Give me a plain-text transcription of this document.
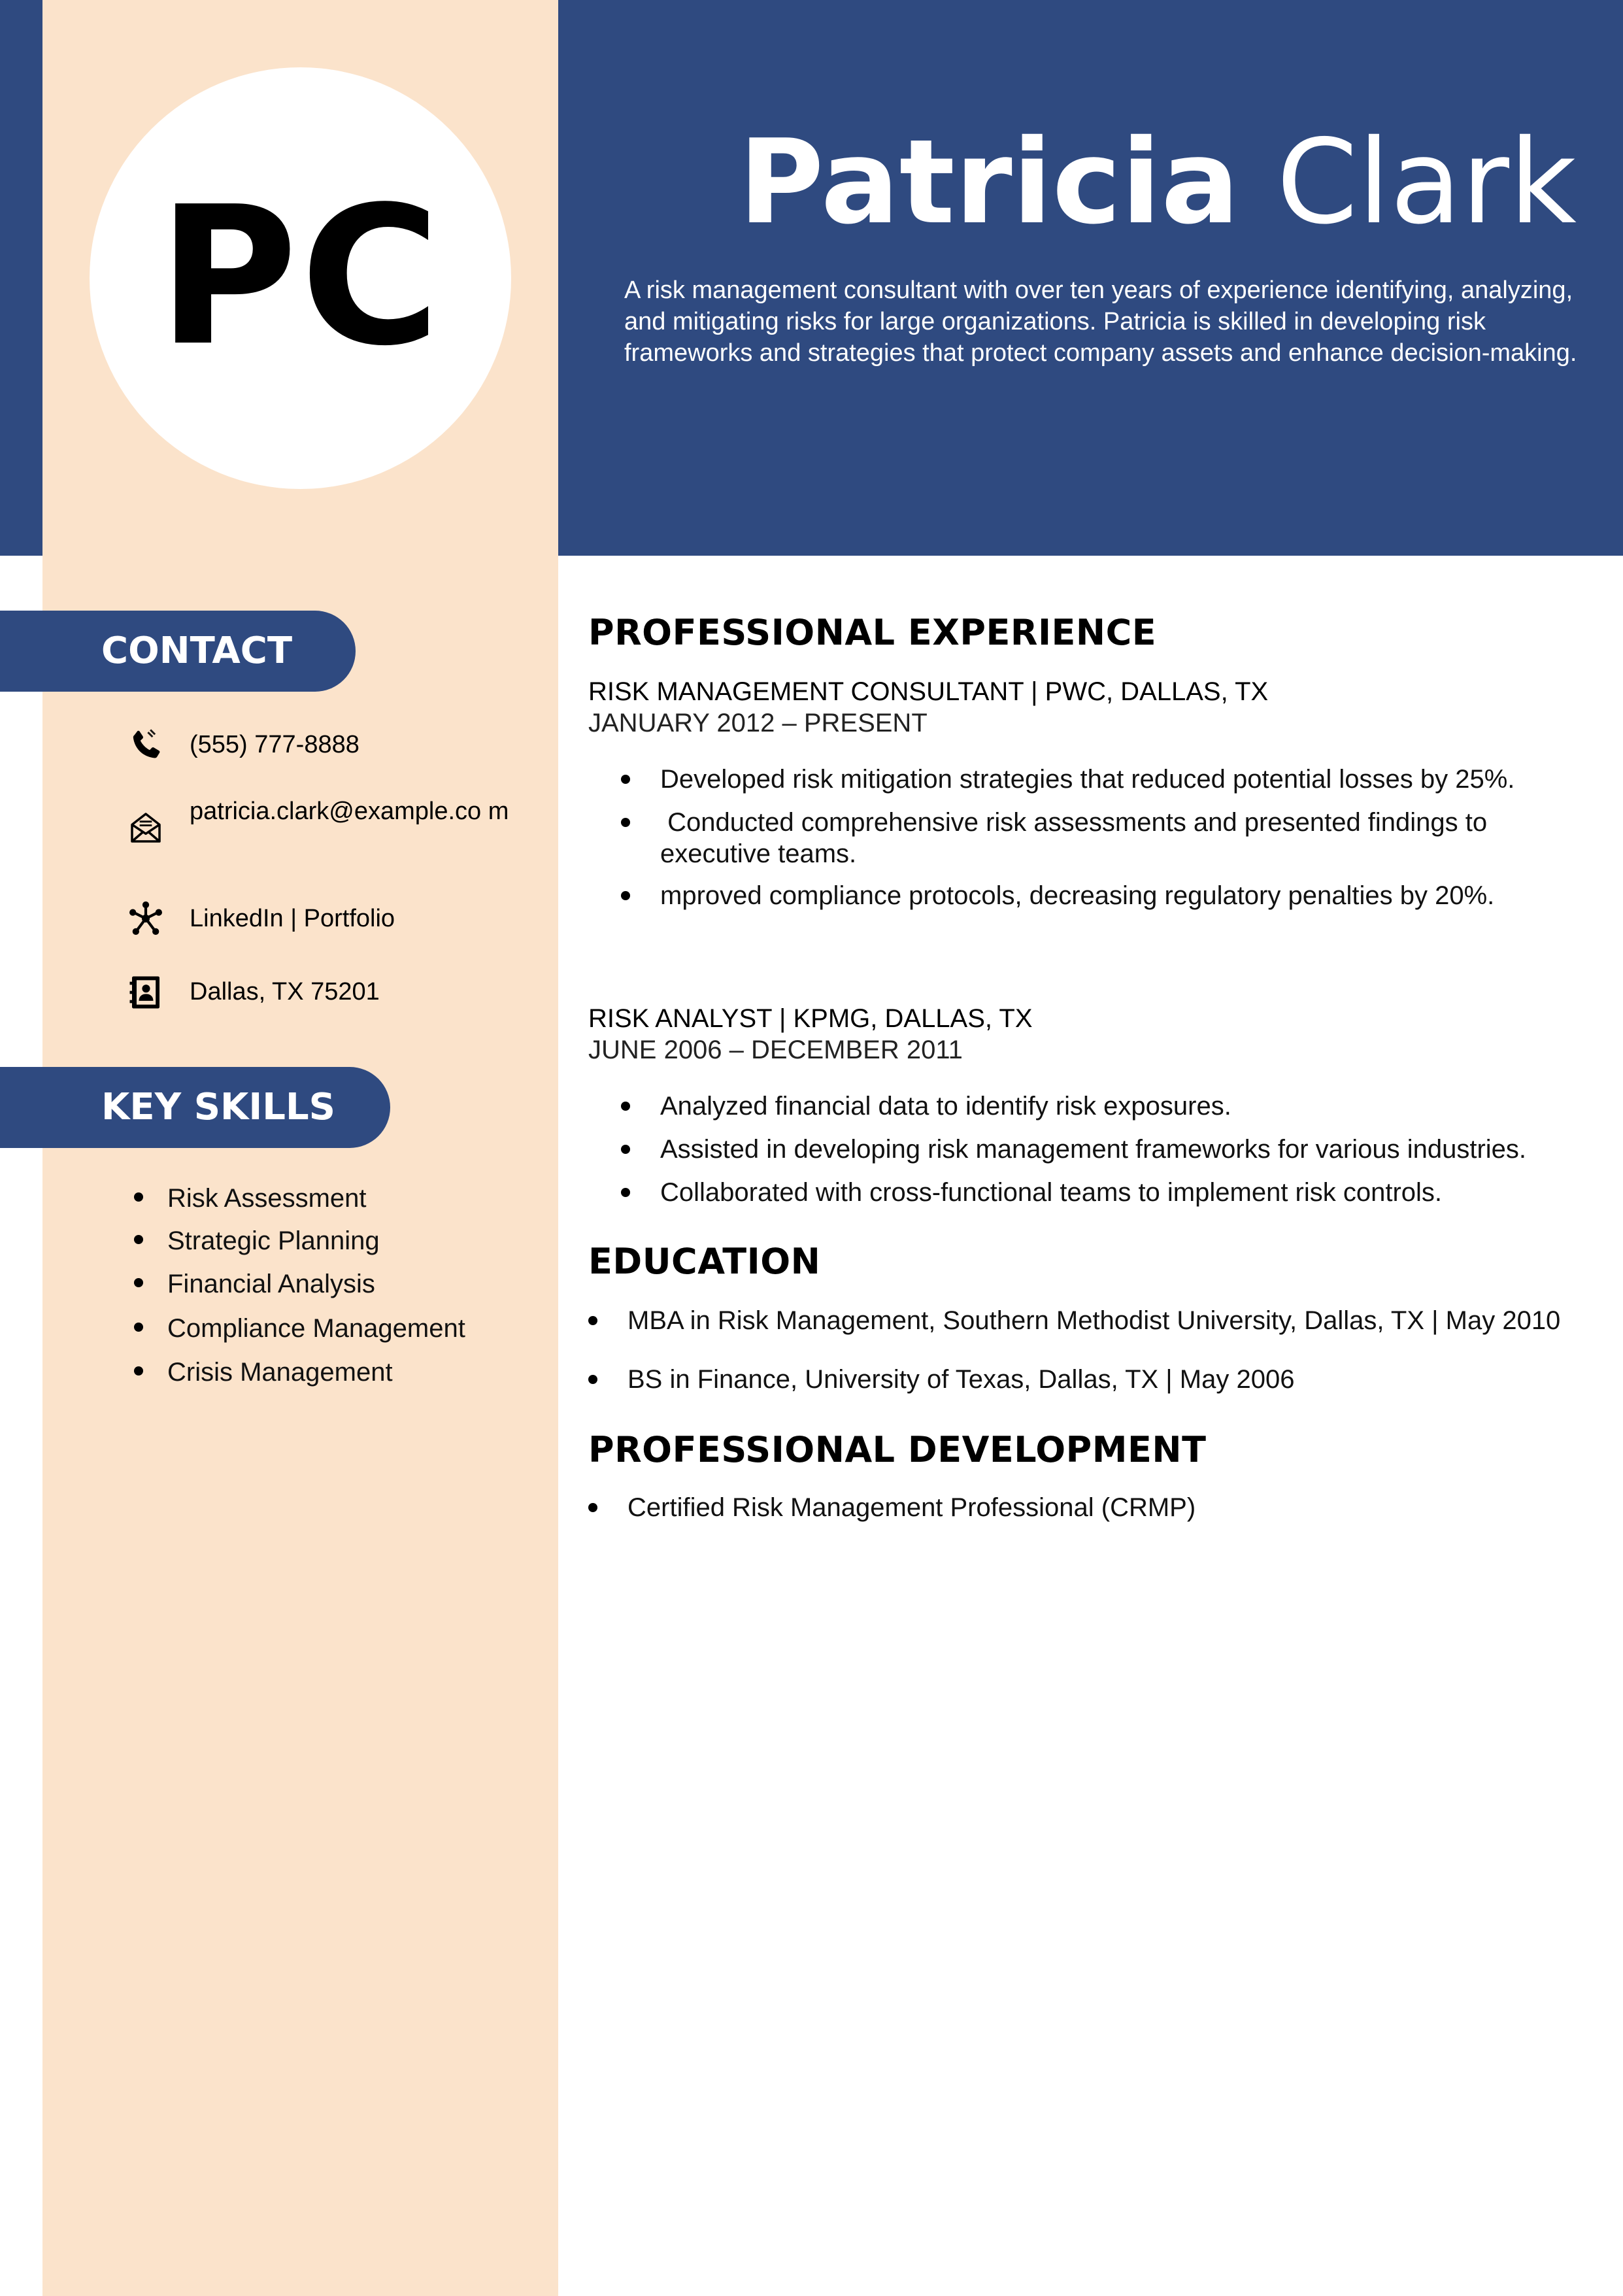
PC	Patricia Clark
A risk management consultant with over ten years of experience identifying, analyzing, and mitigating risks for large organizations. Patricia is skilled in developing risk frameworks and strategies that protect company assets and enhance decision-making.
CONTACT
(555) 777-8888
patricia.clark@example.co m
LinkedIn | Portfolio
Dallas, TX 75201
KEY SKILLS
Risk Assessment
Strategic Planning
Financial Analysis
Compliance Management
Crisis Management
PROFESSIONAL EXPERIENCE
RISK MANAGEMENT CONSULTANT | PWC, DALLAS, TX
JANUARY 2012 – PRESENT
Developed risk mitigation strategies that reduced potential losses by 25%.
Conducted comprehensive risk assessments and presented findings to executive teams.
mproved compliance protocols, decreasing regulatory penalties by 20%.
RISK ANALYST | KPMG, DALLAS, TX
JUNE 2006 – DECEMBER 2011
Analyzed financial data to identify risk exposures.
Assisted in developing risk management frameworks for various industries.
Collaborated with cross-functional teams to implement risk controls.
EDUCATION
MBA in Risk Management, Southern Methodist University, Dallas, TX | May 2010
BS in Finance, University of Texas, Dallas, TX | May 2006
PROFESSIONAL DEVELOPMENT
Certified Risk Management Professional (CRMP)
